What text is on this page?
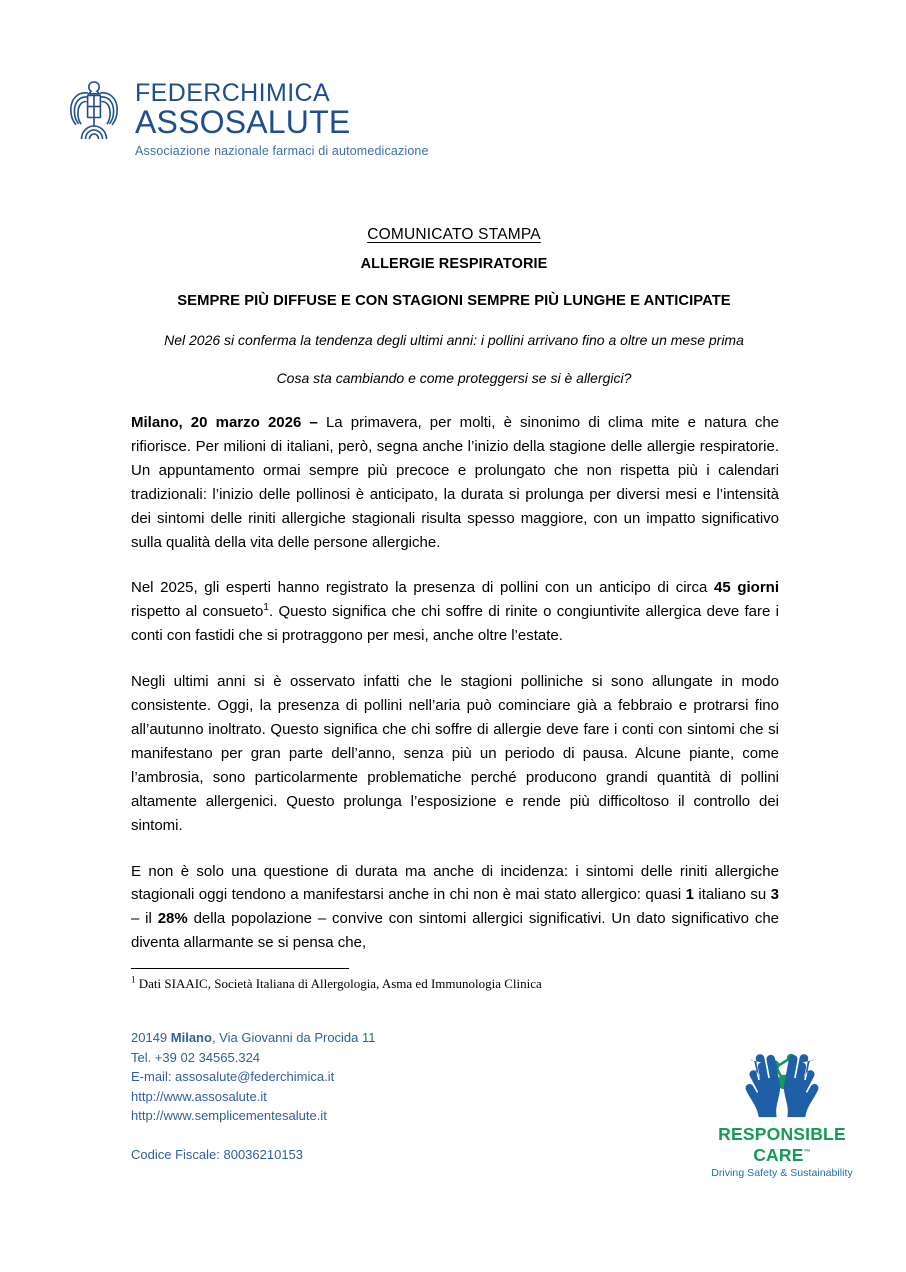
FEDERCHIMICA
ASSOSALUTE
Associazione nazionale farmaci di automedicazione
COMUNICATO STAMPA
ALLERGIE RESPIRATORIE
SEMPRE PIÙ DIFFUSE E CON STAGIONI SEMPRE PIÙ LUNGHE E ANTICIPATE
Nel 2026 si conferma la tendenza degli ultimi anni: i pollini arrivano fino a oltre un mese prima
Cosa sta cambiando e come proteggersi se si è allergici?

Milano, 20 marzo 2026 – La primavera, per molti, è sinonimo di clima mite e natura che rifiorisce. Per milioni di italiani, però, segna anche l’inizio della stagione delle allergie respiratorie. Un appuntamento ormai sempre più precoce e prolungato che non rispetta più i calendari tradizionali: l’inizio delle pollinosi è anticipato, la durata si prolunga per diversi mesi e l’intensità dei sintomi delle riniti allergiche stagionali risulta spesso maggiore, con un impatto significativo sulla qualità della vita delle persone allergiche.

Nel 2025, gli esperti hanno registrato la presenza di pollini con un anticipo di circa 45 giorni rispetto al consueto$^1$. Questo significa che chi soffre di rinite o congiuntivite allergica deve fare i conti con fastidi che si protraggono per mesi, anche oltre l’estate.

Negli ultimi anni si è osservato infatti che le stagioni polliniche si sono allungate in modo consistente. Oggi, la presenza di pollini nell’aria può cominciare già a febbraio e protrarsi fino all’autunno inoltrato. Questo significa che chi soffre di allergie deve fare i conti con sintomi che si manifestano per gran parte dell’anno, senza più un periodo di pausa. Alcune piante, come l’ambrosia, sono particolarmente problematiche perché producono grandi quantità di pollini altamente allergenici. Questo prolunga l’esposizione e rende più difficoltoso il controllo dei sintomi.

E non è solo una questione di durata ma anche di incidenza: i sintomi delle riniti allergiche stagionali oggi tendono a manifestarsi anche in chi non è mai stato allergico: quasi 1 italiano su 3 – il 28% della popolazione – convive con sintomi allergici significativi. Un dato significativo che diventa allarmante se si pensa che,

$^1$ Dati SIAAIC, Società Italiana di Allergologia, Asma ed Immunologia Clinica
20149 Milano, Via Giovanni da Procida 11
Tel. +39 02 34565.324
E-mail: assosalute@federchimica.it
http://www.assosalute.it
http://www.semplicementesalute.it
Codice Fiscale: 80036210153
RESPONSIBLE CARE™
Driving Safety & Sustainability
